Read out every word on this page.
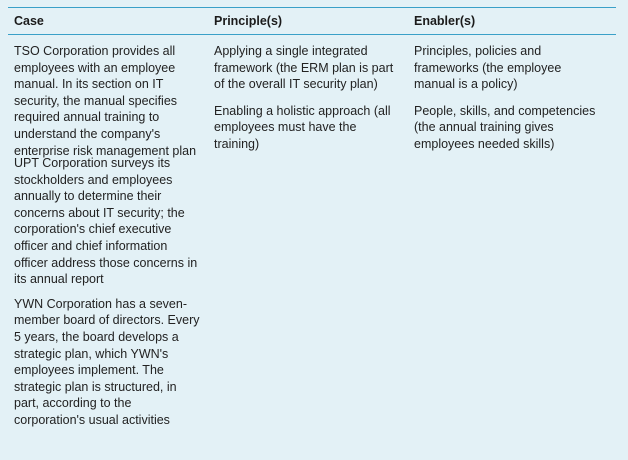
Case	Principle(s)	Enabler(s)
TSO Corporation provides all
employees with an employee
manual. In its section on IT
security, the manual specifies
required annual training to
understand the company's
enterprise risk management plan
Applying a single integrated
framework (the ERM plan is part
of the overall IT security plan)
Enabling a holistic approach (all
employees must have the
training)
Principles, policies and
frameworks (the employee
manual is a policy)
People, skills, and competencies
(the annual training gives
employees needed skills)
UPT Corporation surveys its
stockholders and employees
annually to determine their
concerns about IT security; the
corporation's chief executive
officer and chief information
officer address those concerns in
its annual report
YWN Corporation has a seven-
member board of directors. Every
5 years, the board develops a
strategic plan, which YWN's
employees implement. The
strategic plan is structured, in
part, according to the
corporation's usual activities
